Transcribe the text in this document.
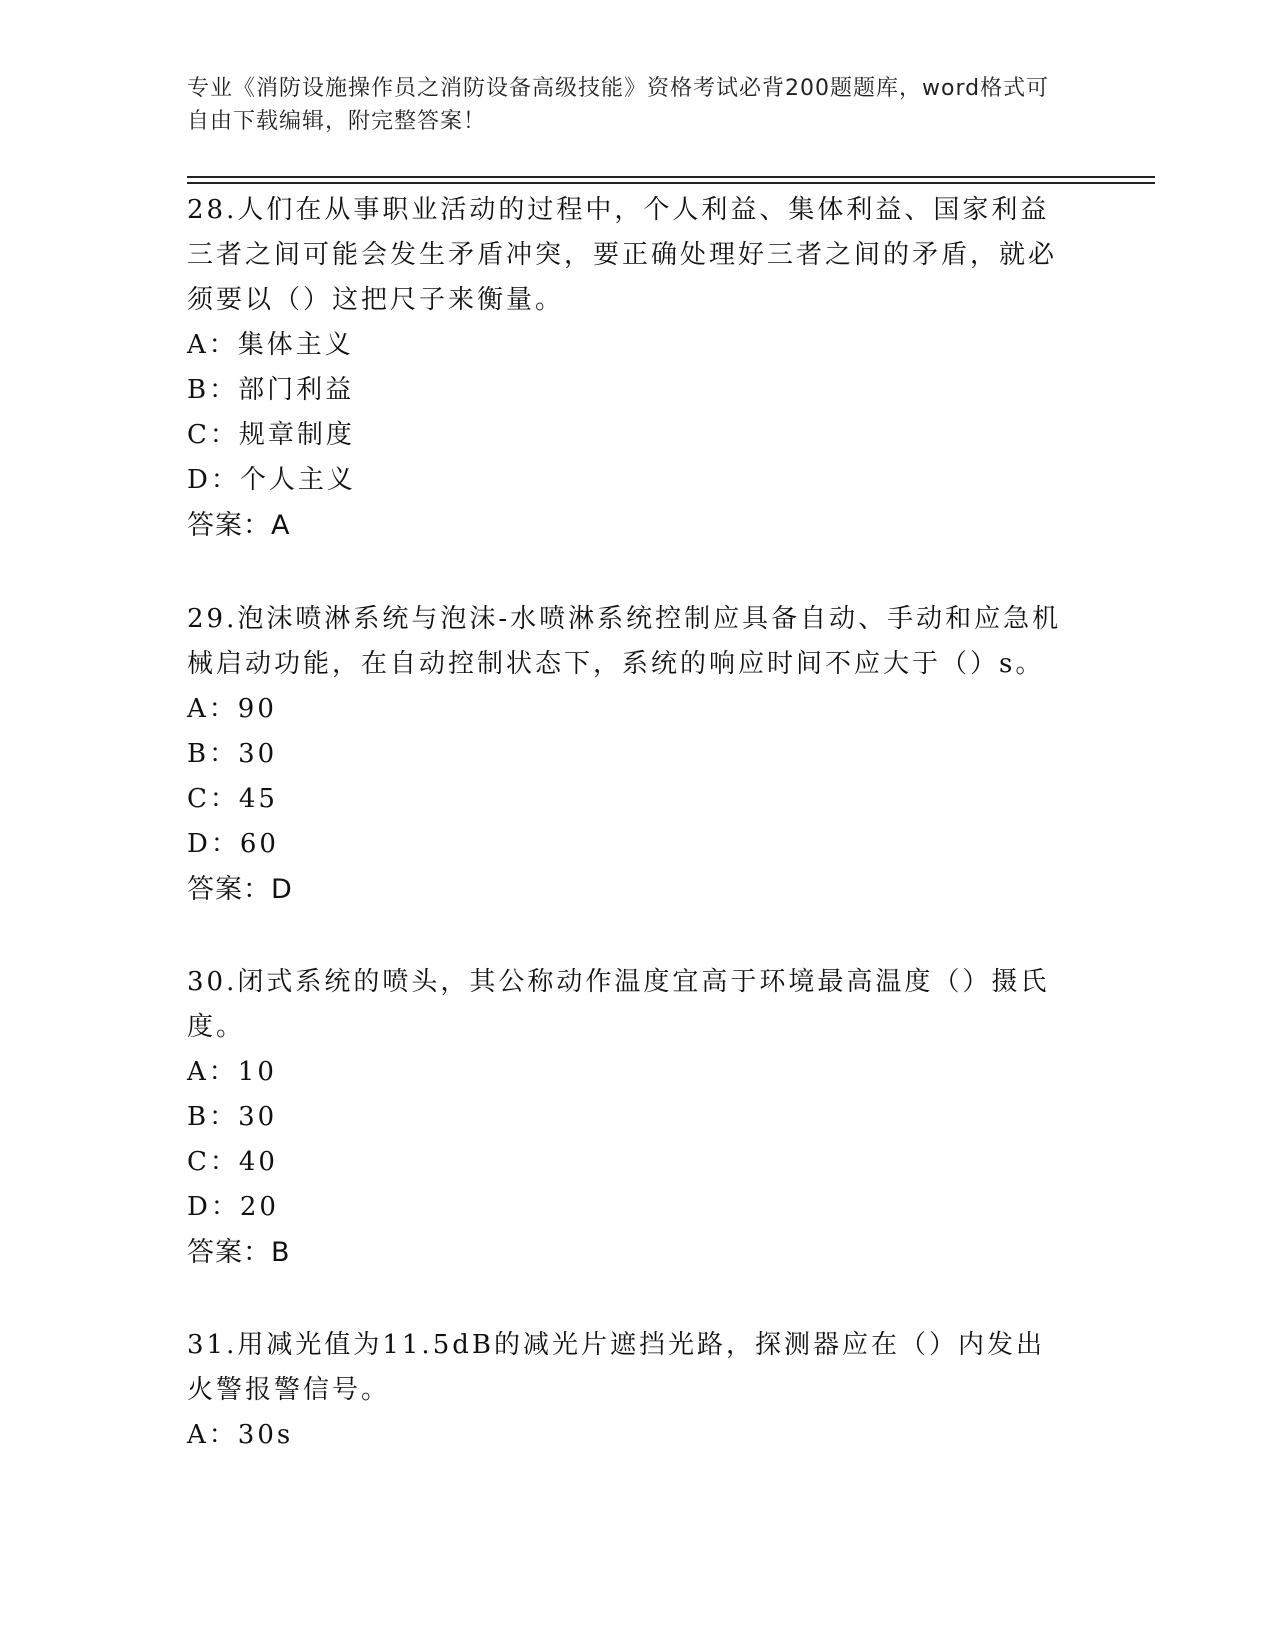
专业《消防设施操作员之消防设备高级技能》资格考试必背200题题库，word格式可自由下载编辑，附完整答案！

28.人们在从事职业活动的过程中，个人利益、集体利益、国家利益三者之间可能会发生矛盾冲突，要正确处理好三者之间的矛盾，就必须要以（）这把尺子来衡量。

A：集体主义

B：部门利益

C：规章制度

D：个人主义

答案：A

29.泡沫喷淋系统与泡沫-水喷淋系统控制应具备自动、手动和应急机械启动功能，在自动控制状态下，系统的响应时间不应大于（）s。

A：90

B：30

C：45

D：60

答案：D

30.闭式系统的喷头，其公称动作温度宜高于环境最高温度（）摄氏度。

A：10

B：30

C：40

D：20

答案：B

31.用减光值为11.5dB的减光片遮挡光路，探测器应在（）内发出火警报警信号。

A：30s
